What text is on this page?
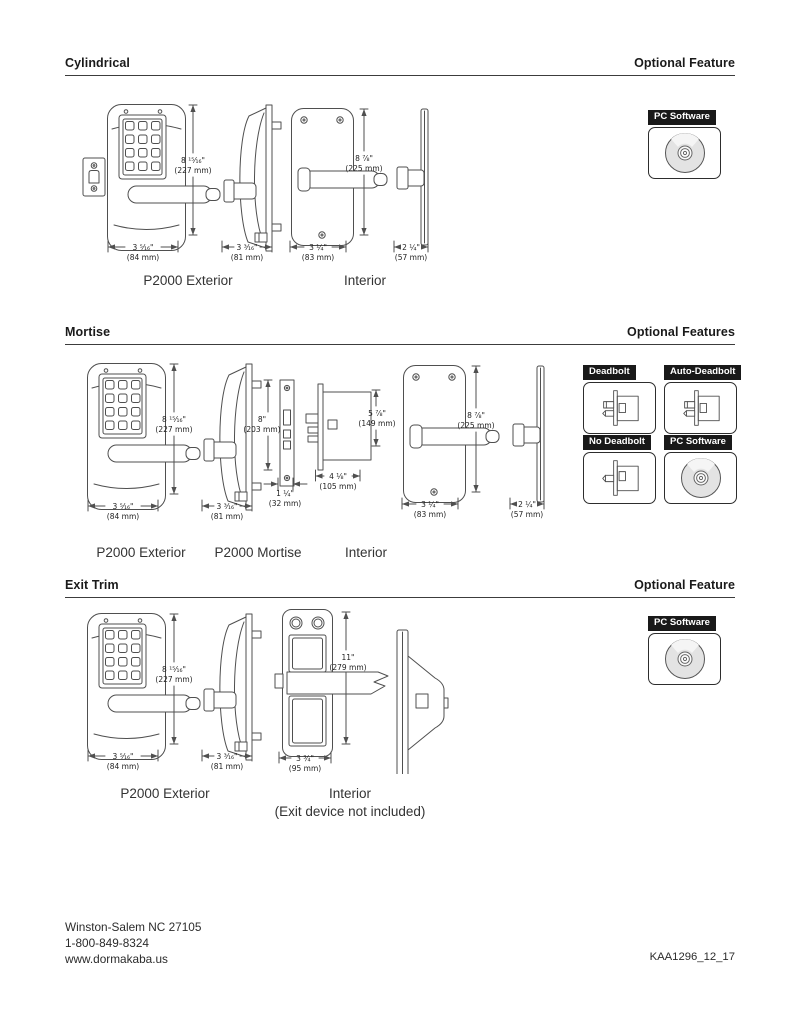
Cylindrical	Optional Feature
8 ¹⁵⁄₁₆"
(227 mm)
3 ⁵⁄₁₆"
(84 mm)
3 ³⁄₁₆"
(81 mm)
8 ⅞"
(225 mm)
3 ¼"
(83 mm)
2 ¼"
(57 mm)
P2000 Exterior	Interior
PC Software
Mortise	Optional Features
8 ¹⁵⁄₁₆"
(227 mm)
3 ⁵⁄₁₆"
(84 mm)
3 ³⁄₁₆"
(81 mm)
8"
(203 mm)
1 ¼"
(32 mm)
5 ⅞"
(149 mm)
4 ⅛"
(105 mm)
8 ⅞"
(225 mm)
3 ¼"
(83 mm)
2 ¼"
(57 mm)
P2000 Exterior	P2000 Mortise	Interior
Deadbolt	Auto-Deadbolt
No Deadbolt	PC Software
Exit Trim	Optional Feature
8 ¹⁵⁄₁₆"
(227 mm)
3 ⁵⁄₁₆"
(84 mm)
3 ³⁄₁₆"
(81 mm)
11"
(279 mm)
3 ¾"
(95 mm)
P2000 Exterior	Interior
(Exit device not included)
PC Software
Winston-Salem NC 27105
1-800-849-8324
www.dormakaba.us	KAA1296_12_17
